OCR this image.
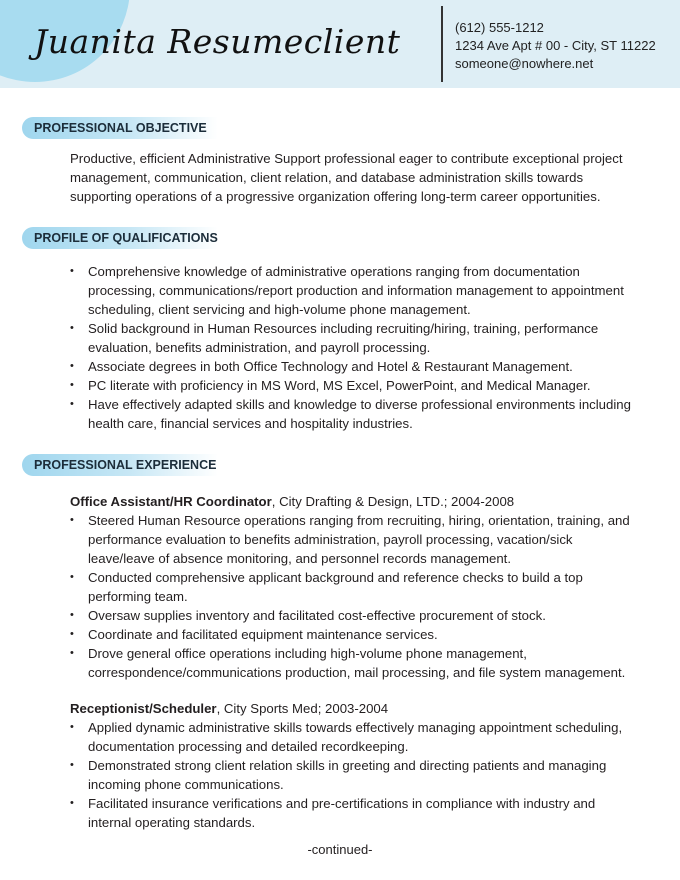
Juanita Resumeclient	(612) 555-1212
1234 Ave Apt # 00 - City, ST 11222
someone@nowhere.net
PROFESSIONAL OBJECTIVE
Productive, efficient Administrative Support professional eager to contribute exceptional project management, communication, client relation, and database administration skills towards supporting operations of a progressive organization offering long-term career opportunities.
PROFILE OF QUALIFICATIONS
• Comprehensive knowledge of administrative operations ranging from documentation processing, communications/report production and information management to appointment scheduling, client servicing and high-volume phone management.
• Solid background in Human Resources including recruiting/hiring, training, performance evaluation, benefits administration, and payroll processing.
• Associate degrees in both Office Technology and Hotel & Restaurant Management.
• PC literate with proficiency in MS Word, MS Excel, PowerPoint, and Medical Manager.
• Have effectively adapted skills and knowledge to diverse professional environments including health care, financial services and hospitality industries.
PROFESSIONAL EXPERIENCE
Office Assistant/HR Coordinator, City Drafting & Design, LTD.; 2004-2008
• Steered Human Resource operations ranging from recruiting, hiring, orientation, training, and performance evaluation to benefits administration, payroll processing, vacation/sick leave/leave of absence monitoring, and personnel records management.
• Conducted comprehensive applicant background and reference checks to build a top performing team.
• Oversaw supplies inventory and facilitated cost-effective procurement of stock.
• Coordinate and facilitated equipment maintenance services.
• Drove general office operations including high-volume phone management, correspondence/communications production, mail processing, and file system management.
Receptionist/Scheduler, City Sports Med; 2003-2004
• Applied dynamic administrative skills towards effectively managing appointment scheduling, documentation processing and detailed recordkeeping.
• Demonstrated strong client relation skills in greeting and directing patients and managing incoming phone communications.
• Facilitated insurance verifications and pre-certifications in compliance with industry and internal operating standards.
-continued-
